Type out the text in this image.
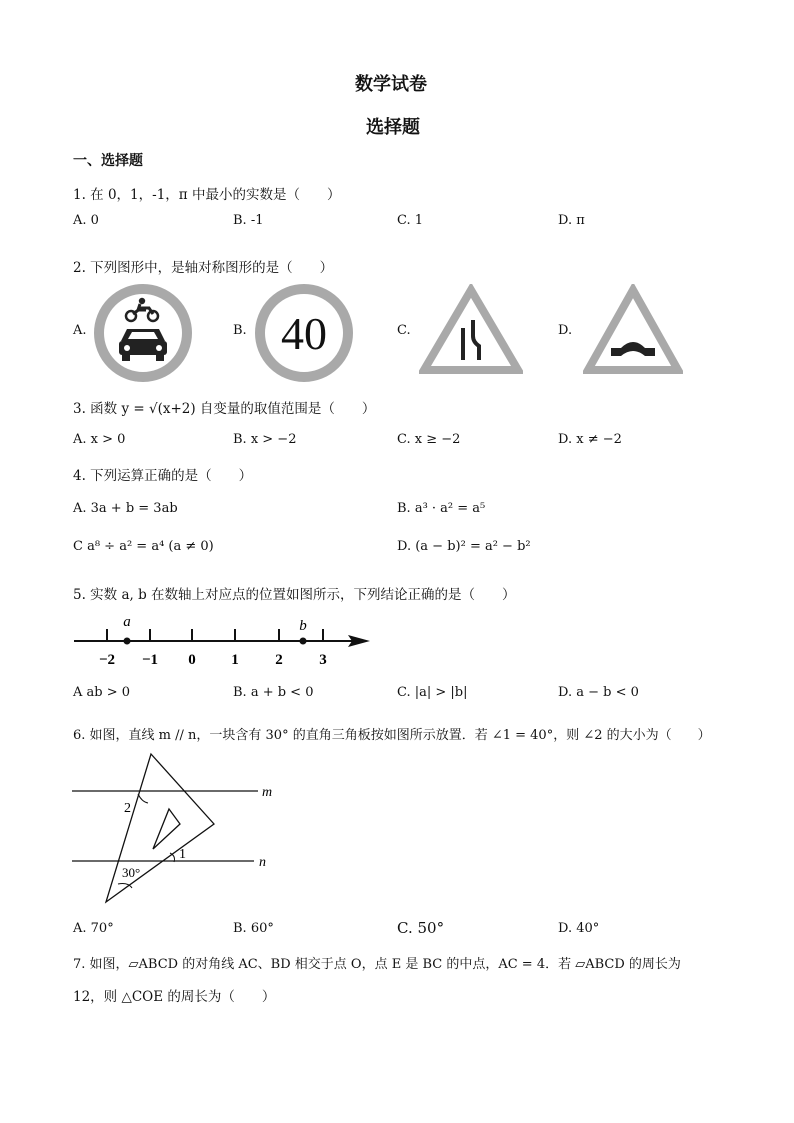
数学试卷
选择题
一、选择题
1. 在 0，1，-1，π 中最小的实数是（　　）
A. 0	B. -1	C. 1	D. π
2. 下列图形中，是轴对称图形的是（　　）
A.	B.	C.	D.
40
3. 函数 y = √(x+2) 自变量的取值范围是（　　）
A. x > 0	B. x > −2	C. x ≥ −2	D. x ≠ −2
4. 下列运算正确的是（　　）
A. 3a + b = 3ab	B. a³ · a² = a⁵
C a⁸ ÷ a² = a⁴ (a ≠ 0)	D. (a − b)² = a² − b²
5. 实数 a, b 在数轴上对应点的位置如图所示，下列结论正确的是（　　）
−2 −1 0 1 2 3
a	b
A ab > 0	B. a + b < 0	C. |a| > |b|	D. a − b < 0
6. 如图，直线 m // n，一块含有 30° 的直角三角板按如图所示放置．若 ∠1 = 40°，则 ∠2 的大小为（　　）
m
n
2
1
30°
A. 70°	B. 60°	C. 50°	D. 40°
7. 如图，▱ABCD 的对角线 AC、BD 相交于点 O，点 E 是 BC 的中点，AC = 4．若 ▱ABCD 的周长为
12，则 △COE 的周长为（　　）
